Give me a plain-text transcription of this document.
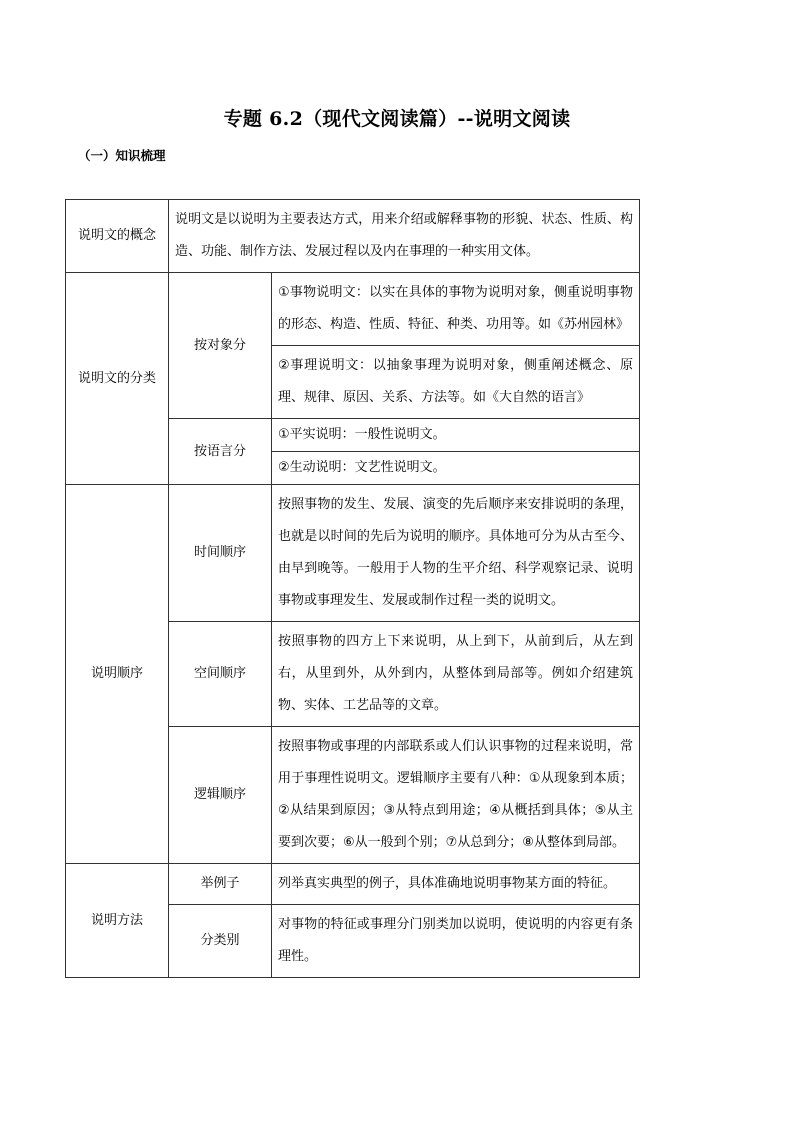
专题 6.2（现代文阅读篇）--说明文阅读
（一）知识梳理
说明文的概念	说明文是以说明为主要表达方式，用来介绍或解释事物的形貌、状态、性质、构造、功能、制作方法、发展过程以及内在事理的一种实用文体。	
说明文的分类	按对象分	①事物说明文：以实在具体的事物为说明对象，侧重说明事物的形态、构造、性质、特征、种类、功用等。如《苏州园林》
		②事理说明文：以抽象事理为说明对象，侧重阐述概念、原理、规律、原因、关系、方法等。如《大自然的语言》
	按语言分	①平实说明：一般性说明文。
		②生动说明：文艺性说明文。
说明顺序	时间顺序	按照事物的发生、发展、演变的先后顺序来安排说明的条理，也就是以时间的先后为说明的顺序。具体地可分为从古至今、由早到晚等。一般用于人物的生平介绍、科学观察记录、说明事物或事理发生、发展或制作过程一类的说明文。
	空间顺序	按照事物的四方上下来说明，从上到下，从前到后，从左到右，从里到外，从外到内，从整体到局部等。例如介绍建筑物、实体、工艺品等的文章。
	逻辑顺序	按照事物或事理的内部联系或人们认识事物的过程来说明，常用于事理性说明文。逻辑顺序主要有八种：①从现象到本质；②从结果到原因；③从特点到用途；④从概括到具体；⑤从主要到次要；⑥从一般到个别；⑦从总到分；⑧从整体到局部。
说明方法	举例子	列举真实典型的例子，具体准确地说明事物某方面的特征。
	分类别	对事物的特征或事理分门别类加以说明，使说明的内容更有条理性。
